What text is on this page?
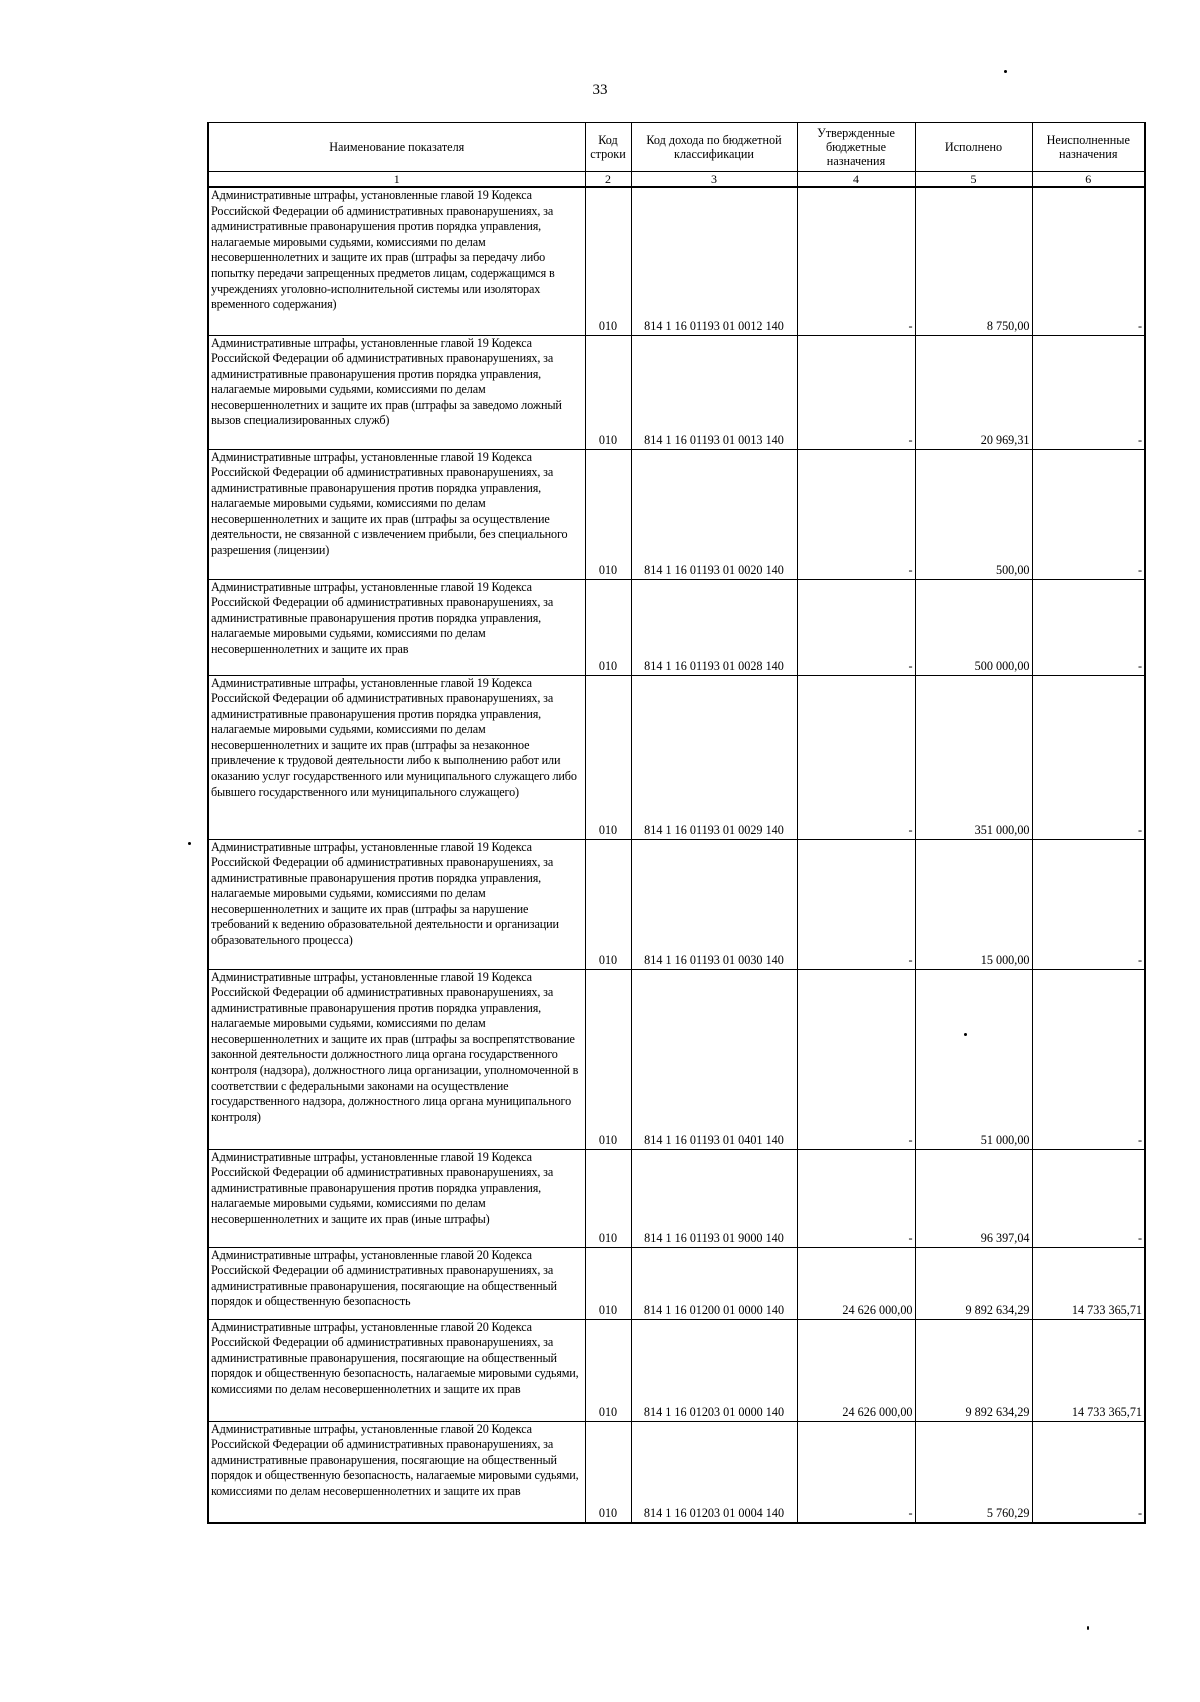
33
Наименование показателя	Код строки	Код дохода по бюджетной классификации	Утвержденные бюджетные назначения	Исполнено	Неисполненные назначения
1	2	3	4	5	6
Административные штрафы, установленные главой 19 Кодекса Российской Федерации об административных правонарушениях, за административные правонарушения против порядка управления, налагаемые мировыми судьями, комиссиями по делам несовершеннолетних и защите их прав (штрафы за передачу либо попытку передачи запрещенных предметов лицам, содержащимся в учреждениях уголовно-исполнительной системы или изоляторах временного содержания)	010	814 1 16 01193 01 0012 140	-	8 750,00	-
Административные штрафы, установленные главой 19 Кодекса Российской Федерации об административных правонарушениях, за административные правонарушения против порядка управления, налагаемые мировыми судьями, комиссиями по делам несовершеннолетних и защите их прав (штрафы за заведомо ложный вызов специализированных служб)	010	814 1 16 01193 01 0013 140	-	20 969,31	-
Административные штрафы, установленные главой 19 Кодекса Российской Федерации об административных правонарушениях, за административные правонарушения против порядка управления, налагаемые мировыми судьями, комиссиями по делам несовершеннолетних и защите их прав (штрафы за осуществление деятельности, не связанной с извлечением прибыли, без специального разрешения (лицензии)	010	814 1 16 01193 01 0020 140	-	500,00	-
Административные штрафы, установленные главой 19 Кодекса Российской Федерации об административных правонарушениях, за административные правонарушения против порядка управления, налагаемые мировыми судьями, комиссиями по делам несовершеннолетних и защите их прав	010	814 1 16 01193 01 0028 140	-	500 000,00	-
Административные штрафы, установленные главой 19 Кодекса Российской Федерации об административных правонарушениях, за административные правонарушения против порядка управления, налагаемые мировыми судьями, комиссиями по делам несовершеннолетних и защите их прав (штрафы за незаконное привлечение к трудовой деятельности либо к выполнению работ или оказанию услуг государственного или муниципального служащего либо бывшего государственного или муниципального служащего)	010	814 1 16 01193 01 0029 140	-	351 000,00	-
Административные штрафы, установленные главой 19 Кодекса Российской Федерации об административных правонарушениях, за административные правонарушения против порядка управления, налагаемые мировыми судьями, комиссиями по делам несовершеннолетних и защите их прав (штрафы за нарушение требований к ведению образовательной деятельности и организации образовательного процесса)	010	814 1 16 01193 01 0030 140	-	15 000,00	-
Административные штрафы, установленные главой 19 Кодекса Российской Федерации об административных правонарушениях, за административные правонарушения против порядка управления, налагаемые мировыми судьями, комиссиями по делам несовершеннолетних и защите их прав (штрафы за воспрепятствование законной деятельности должностного лица органа государственного контроля (надзора), должностного лица организации, уполномоченной в соответствии с федеральными законами на осуществление государственного надзора, должностного лица органа муниципального контроля)	010	814 1 16 01193 01 0401 140	-	51 000,00	-
Административные штрафы, установленные главой 19 Кодекса Российской Федерации об административных правонарушениях, за административные правонарушения против порядка управления, налагаемые мировыми судьями, комиссиями по делам несовершеннолетних и защите их прав (иные штрафы)	010	814 1 16 01193 01 9000 140	-	96 397,04	-
Административные штрафы, установленные главой 20 Кодекса Российской Федерации об административных правонарушениях, за административные правонарушения, посягающие на общественный порядок и общественную безопасность	010	814 1 16 01200 01 0000 140	24 626 000,00	9 892 634,29	14 733 365,71
Административные штрафы, установленные главой 20 Кодекса Российской Федерации об административных правонарушениях, за административные правонарушения, посягающие на общественный порядок и общественную безопасность, налагаемые мировыми судьями, комиссиями по делам несовершеннолетних и защите их прав	010	814 1 16 01203 01 0000 140	24 626 000,00	9 892 634,29	14 733 365,71
Административные штрафы, установленные главой 20 Кодекса Российской Федерации об административных правонарушениях, за административные правонарушения, посягающие на общественный порядок и общественную безопасность, налагаемые мировыми судьями, комиссиями по делам несовершеннолетних и защите их прав	010	814 1 16 01203 01 0004 140	-	5 760,29	-
